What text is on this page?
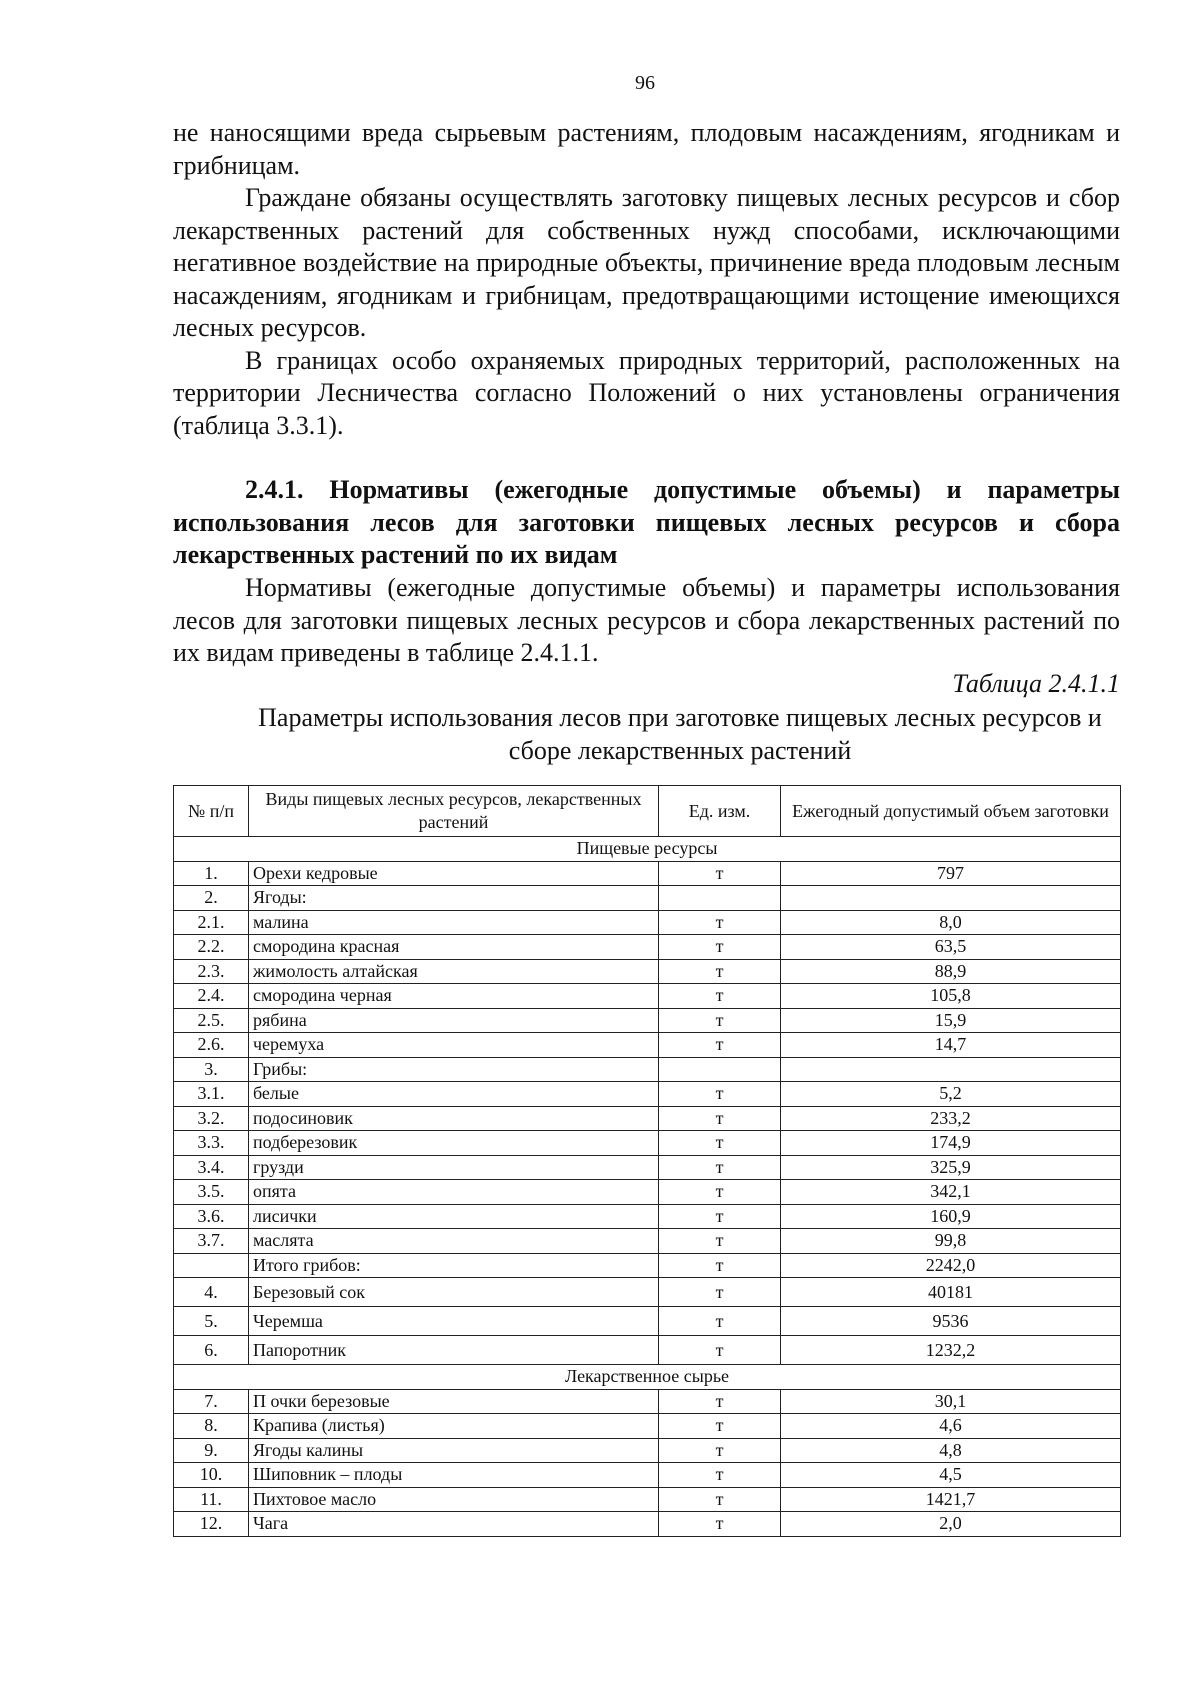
96

не наносящими вреда сырьевым растениям, плодовым насаждениям, ягодникам и грибницам.

Граждане обязаны осуществлять заготовку пищевых лесных ресурсов и сбор лекарственных растений для собственных нужд способами, исключающими негативное воздействие на природные объекты, причинение вреда плодовым лесным насаждениям, ягодникам и грибницам, предотвращающими истощение имеющихся лесных ресурсов.

В границах особо охраняемых природных территорий, расположенных на территории Лесничества согласно Положений о них установлены ограничения (таблица 3.3.1).

2.4.1. Нормативы (ежегодные допустимые объемы) и параметры использования лесов для заготовки пищевых лесных ресурсов и сбора лекарственных растений по их видам

Нормативы (ежегодные допустимые объемы) и параметры использования лесов для заготовки пищевых лесных ресурсов и сбора лекарственных растений по их видам приведены в таблице 2.4.1.1.

Таблица 2.4.1.1
Параметры использования лесов при заготовке пищевых лесных ресурсов и сборе лекарственных растений
№ п/п	Виды пищевых лесных ресурсов, лекарственных растений	Ед. изм.	Ежегодный допустимый объем заготовки
Пищевые ресурсы			
1.	Орехи кедровые	т	797
2.	Ягоды:		
2.1.	малина	т	8,0
2.2.	смородина красная	т	63,5
2.3.	жимолость алтайская	т	88,9
2.4.	смородина черная	т	105,8
2.5.	рябина	т	15,9
2.6.	черемуха	т	14,7
3.	Грибы:		
3.1.	белые	т	5,2
3.2.	подосиновик	т	233,2
3.3.	подберезовик	т	174,9
3.4.	грузди	т	325,9
3.5.	опята	т	342,1
3.6.	лисички	т	160,9
3.7.	маслята	т	99,8
	Итого грибов:	т	2242,0
4.	Березовый сок	т	40181
5.	Черемша	т	9536
6.	Папоротник	т	1232,2
Лекарственное сырье			
7.	П очки березовые	т	30,1
8.	Крапива (листья)	т	4,6
9.	Ягоды калины	т	4,8
10.	Шиповник – плоды	т	4,5
11.	Пихтовое масло	т	1421,7
12.	Чага	т	2,0
